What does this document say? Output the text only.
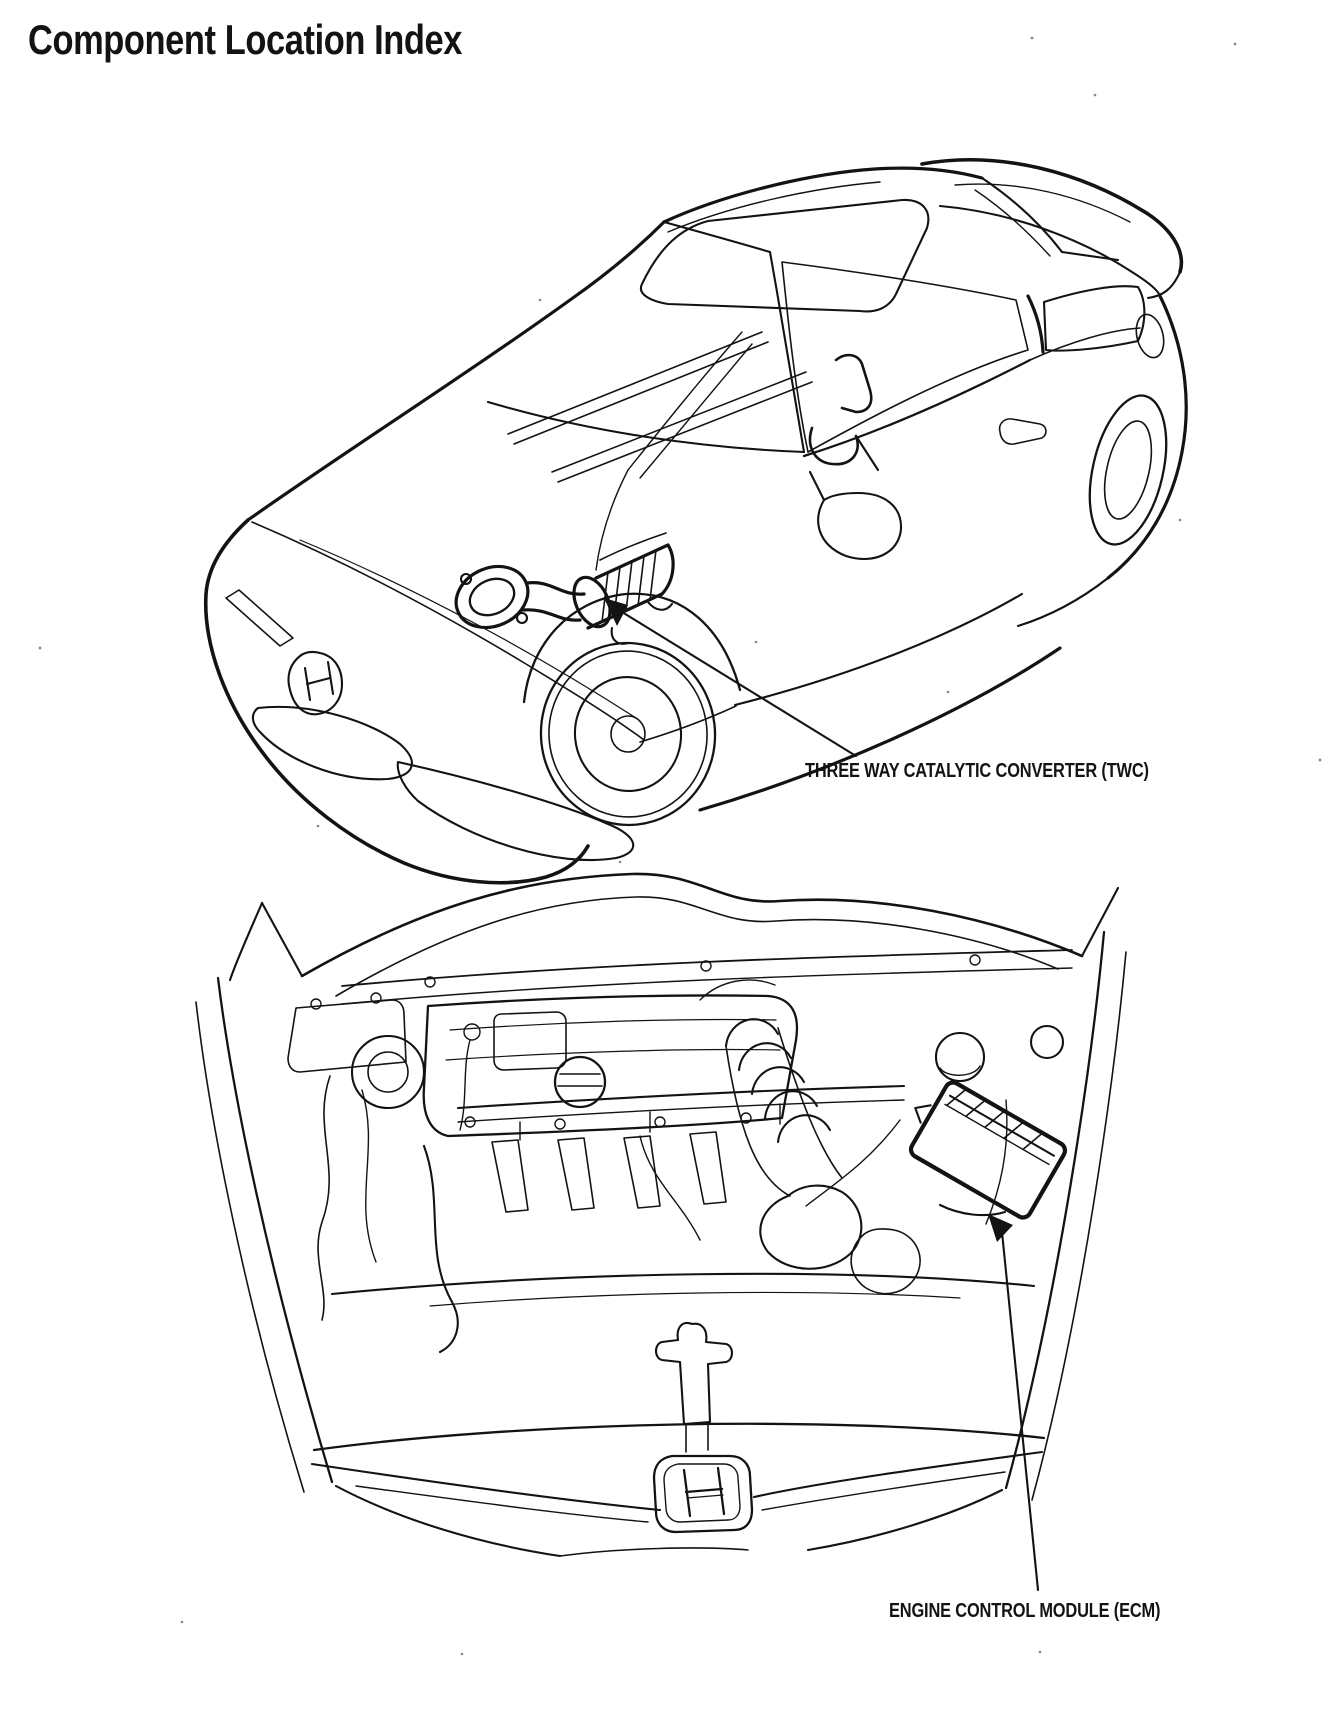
Component Location Index
THREE WAY CATALYTIC CONVERTER (TWC)
ENGINE CONTROL MODULE (ECM)
